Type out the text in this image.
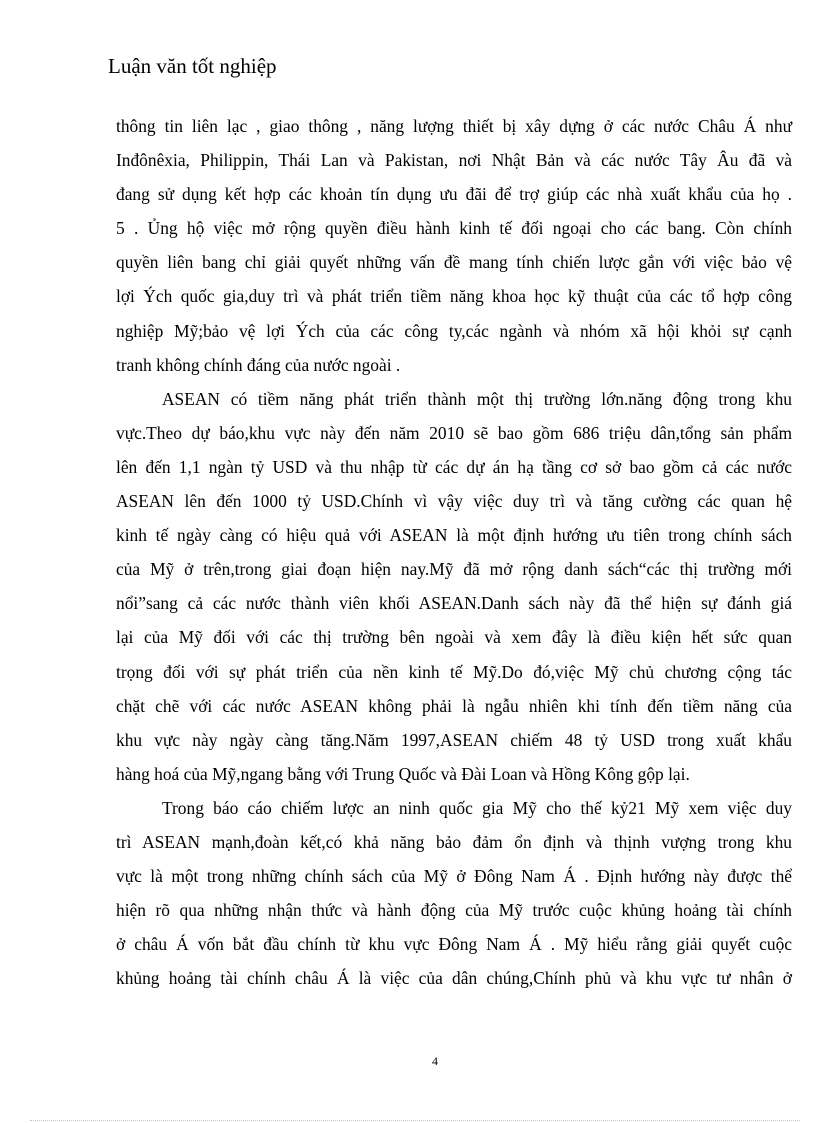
Luận văn tốt nghiệp
thông tin liên lạc , giao thông , năng lượng thiết bị xây dựng ở các nước Châu Á như
Inđônêxia, Philippin, Thái Lan và Pakistan, nơi Nhật Bản và các nước Tây Âu đã và
đang sử dụng kết hợp các khoản tín dụng ưu đãi để trợ giúp các nhà xuất khẩu của họ .
5 . Ủng hộ việc mở rộng quyền điều hành kinh tế đối ngoại cho các bang. Còn chính
quyền liên bang chỉ giải quyết những vấn đề mang tính chiến lược gắn với việc bảo vệ
lợi Ých quốc gia,duy trì và phát triển tiềm năng khoa học kỹ thuật của các tổ hợp công
nghiệp Mỹ;bảo vệ lợi Ých của các công ty,các ngành và nhóm xã hội khỏi sự cạnh
tranh không chính đáng của nước ngoài .
ASEAN có tiềm năng phát triển thành một thị trường lớn.năng động trong khu
vực.Theo dự báo,khu vực này đến năm 2010 sẽ bao gồm 686 triệu dân,tổng sản phẩm
lên đến 1,1 ngàn tỷ USD và thu nhập từ các dự án hạ tầng cơ sở bao gồm cả các nước
ASEAN lên đến 1000 tỷ USD.Chính vì vậy việc duy trì và tăng cường các quan hệ
kinh tế ngày càng có hiệu quả với ASEAN là một định hướng ưu tiên trong chính sách
của Mỹ ở trên,trong giai đoạn hiện nay.Mỹ đã mở rộng danh sách“các thị trường mới
nổi”sang cả các nước thành viên khối ASEAN.Danh sách này đã thể hiện sự đánh giá
lại của Mỹ đối với các thị trường bên ngoài và xem đây là điều kiện hết sức quan
trọng đối với sự phát triển của nền kinh tế Mỹ.Do đó,việc Mỹ chủ chương cộng tác
chặt chẽ với các nước ASEAN không phải là ngẫu nhiên khi tính đến tiềm năng của
khu vực này ngày càng tăng.Năm 1997,ASEAN chiếm 48 tỷ USD trong xuất khẩu
hàng hoá của Mỹ,ngang bằng với Trung Quốc và Đài Loan và Hồng Kông gộp lại.
Trong báo cáo chiếm lược an ninh quốc gia Mỹ cho thế kỷ21 Mỹ xem việc duy
trì ASEAN mạnh,đoàn kết,có khả năng bảo đảm ổn định và thịnh vượng trong khu
vực là một trong những chính sách của Mỹ ở Đông Nam Á . Định hướng này được thể
hiện rõ qua những nhận thức và hành động của Mỹ trước cuộc khủng hoảng tài chính
ở châu Á vốn bắt đầu chính từ khu vực Đông Nam Á . Mỹ hiểu rằng giải quyết cuộc
khủng hoảng tài chính châu Á là việc của dân chúng,Chính phủ và khu vực tư nhân ở
4
